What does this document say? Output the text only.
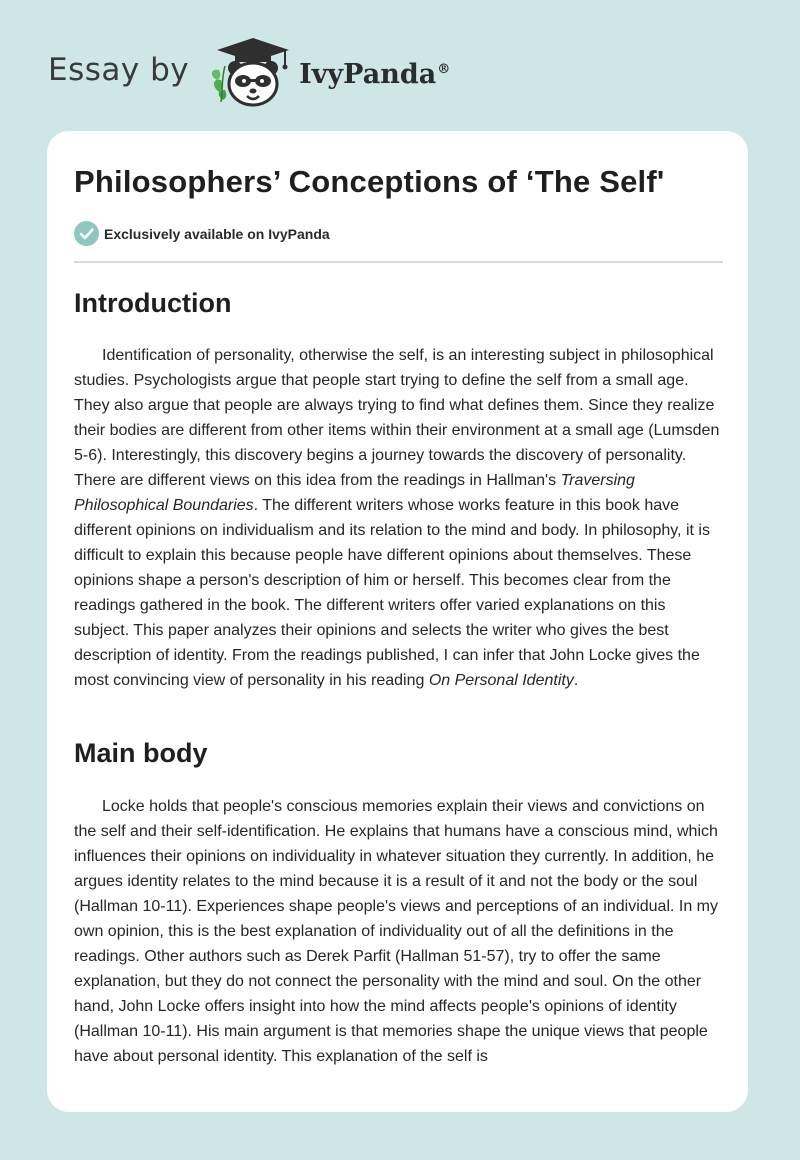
Essay by	IvyPanda®
Philosophers’ Conceptions of ‘The Self'
Exclusively available on IvyPanda
Introduction

Identification of personality, otherwise the self, is an interesting subject in philosophical studies. Psychologists argue that people start trying to define the self from a small age. They also argue that people are always trying to find what defines them. Since they realize their bodies are different from other items within their environment at a small age (Lumsden 5-6). Interestingly, this discovery begins a journey towards the discovery of personality. There are different views on this idea from the readings in Hallman's Traversing Philosophical Boundaries. The different writers whose works feature in this book have different opinions on individualism and its relation to the mind and body. In philosophy, it is difficult to explain this because people have different opinions about themselves. These opinions shape a person's description of him or herself. This becomes clear from the readings gathered in the book. The different writers offer varied explanations on this subject. This paper analyzes their opinions and selects the writer who gives the best description of identity. From the readings published, I can infer that John Locke gives the most convincing view of personality in his reading On Personal Identity.

Main body

Locke holds that people's conscious memories explain their views and convictions on the self and their self-identification. He explains that humans have a conscious mind, which influences their opinions on individuality in whatever situation they currently. In addition, he argues identity relates to the mind because it is a result of it and not the body or the soul (Hallman 10-11). Experiences shape people's views and perceptions of an individual. In my own opinion, this is the best explanation of individuality out of all the definitions in the readings. Other authors such as Derek Parfit (Hallman 51-57), try to offer the same explanation, but they do not connect the personality with the mind and soul. On the other hand, John Locke offers insight into how the mind affects people's opinions of identity (Hallman 10-11). His main argument is that memories shape the unique views that people have about personal identity. This explanation of the self is
